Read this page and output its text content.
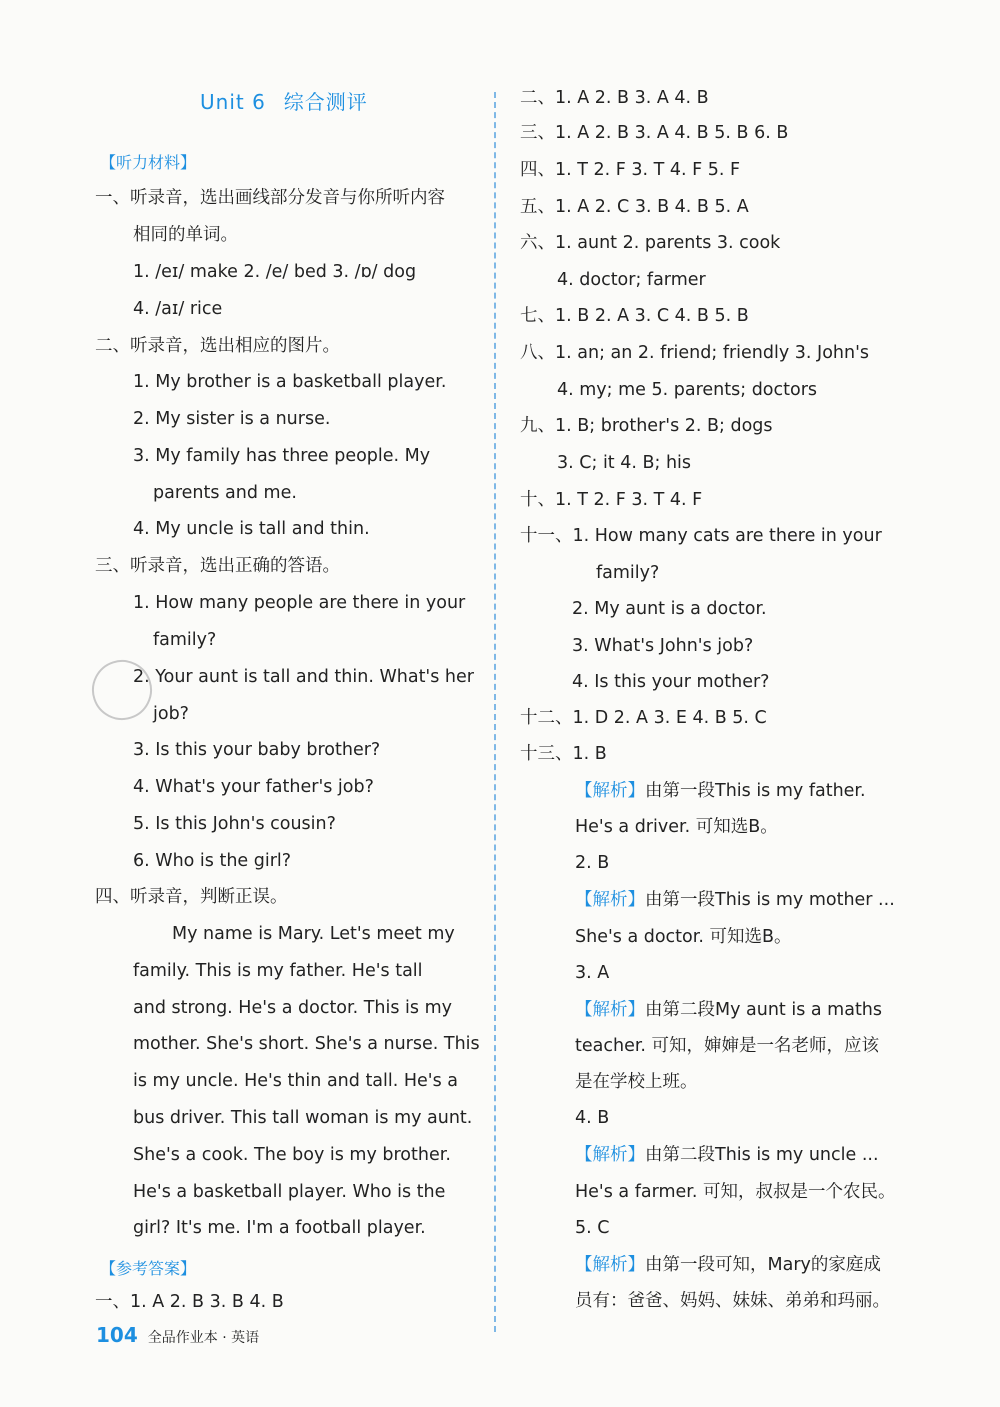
Unit 6 综合测评
【听力材料】
一、听录音，选出画线部分发音与你所听内容
相同的单词。
1. /eɪ/ make 2. /e/ bed 3. /ɒ/ dog
4. /aɪ/ rice
二、听录音，选出相应的图片。
1. My brother is a basketball player.
2. My sister is a nurse.
3. My family has three people. My
parents and me.
4. My uncle is tall and thin.
三、听录音，选出正确的答语。
1. How many people are there in your
family?
2. Your aunt is tall and thin. What's her
job?
3. Is this your baby brother?
4. What's your father's job?
5. Is this John's cousin?
6. Who is the girl?
四、听录音，判断正误。
My name is Mary. Let's meet my
family. This is my father. He's tall
and strong. He's a doctor. This is my
mother. She's short. She's a nurse. This
is my uncle. He's thin and tall. He's a
bus driver. This tall woman is my aunt.
She's a cook. The boy is my brother.
He's a basketball player. Who is the
girl? It's me. I'm a football player.
【参考答案】
一、1. A 2. B 3. B 4. B
二、1. A 2. B 3. A 4. B
三、1. A 2. B 3. A 4. B 5. B 6. B
四、1. T 2. F 3. T 4. F 5. F
五、1. A 2. C 3. B 4. B 5. A
六、1. aunt 2. parents 3. cook
4. doctor; farmer
七、1. B 2. A 3. C 4. B 5. B
八、1. an; an 2. friend; friendly 3. John's
4. my; me 5. parents; doctors
九、1. B; brother's 2. B; dogs
3. C; it 4. B; his
十、1. T 2. F 3. T 4. F
十一、1. How many cats are there in your
family?
2. My aunt is a doctor.
3. What's John's job?
4. Is this your mother?
十二、1. D 2. A 3. E 4. B 5. C
十三、1. B
【解析】由第一段This is my father.
He's a driver. 可知选B。
2. B
【解析】由第一段This is my mother ...
She's a doctor. 可知选B。
3. A
【解析】由第二段My aunt is a maths
teacher. 可知，婶婶是一名老师，应该
是在学校上班。
4. B
【解析】由第二段This is my uncle ...
He's a farmer. 可知，叔叔是一个农民。
5. C
【解析】由第一段可知，Mary的家庭成
员有：爸爸、妈妈、妹妹、弟弟和玛丽。
104 全品作业本 · 英语
